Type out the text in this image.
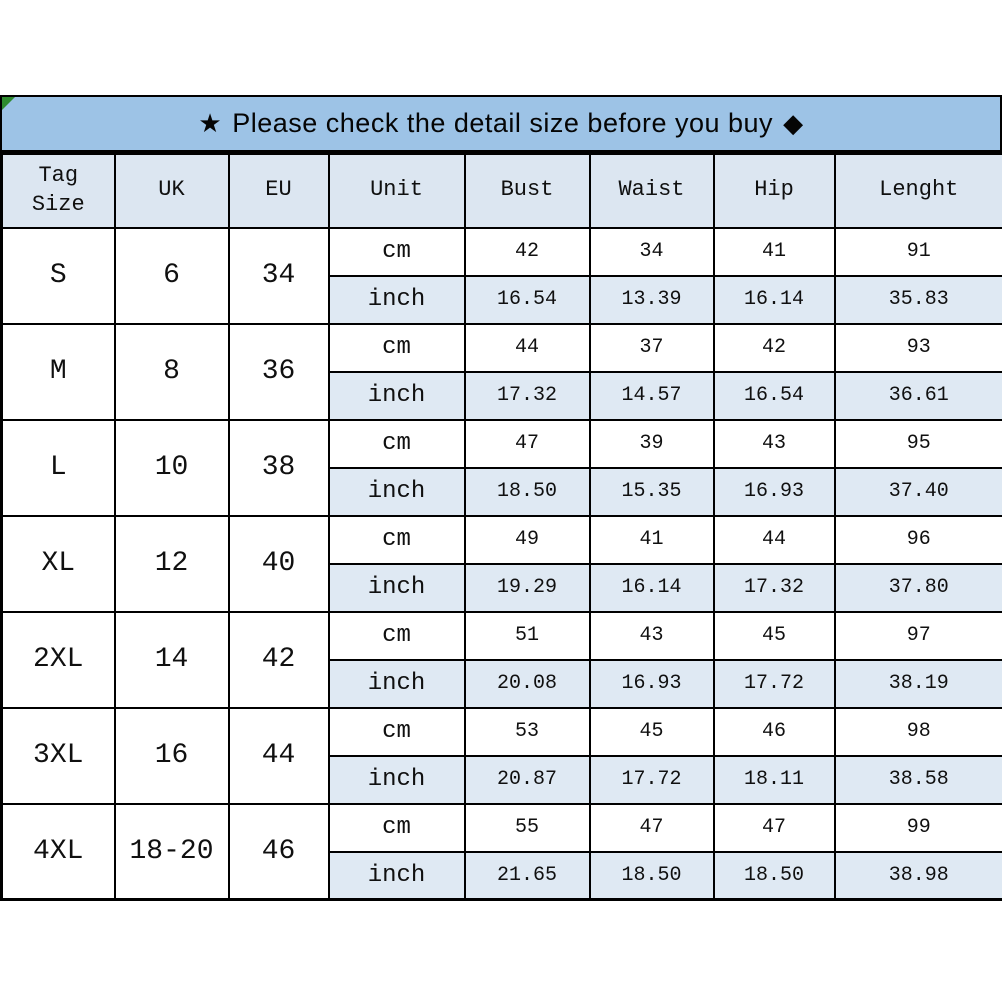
★ Please check the detail size before you buy ◆
Tag Size	UK	EU	Unit	Bust	Waist	Hip	Lenght
S	6	34	cm	42	34	41	91
			inch	16.54	13.39	16.14	35.83
M	8	36	cm	44	37	42	93
			inch	17.32	14.57	16.54	36.61
L	10	38	cm	47	39	43	95
			inch	18.50	15.35	16.93	37.40
XL	12	40	cm	49	41	44	96
			inch	19.29	16.14	17.32	37.80
2XL	14	42	cm	51	43	45	97
			inch	20.08	16.93	17.72	38.19
3XL	16	44	cm	53	45	46	98
			inch	20.87	17.72	18.11	38.58
4XL	18-20	46	cm	55	47	47	99
			inch	21.65	18.50	18.50	38.98
